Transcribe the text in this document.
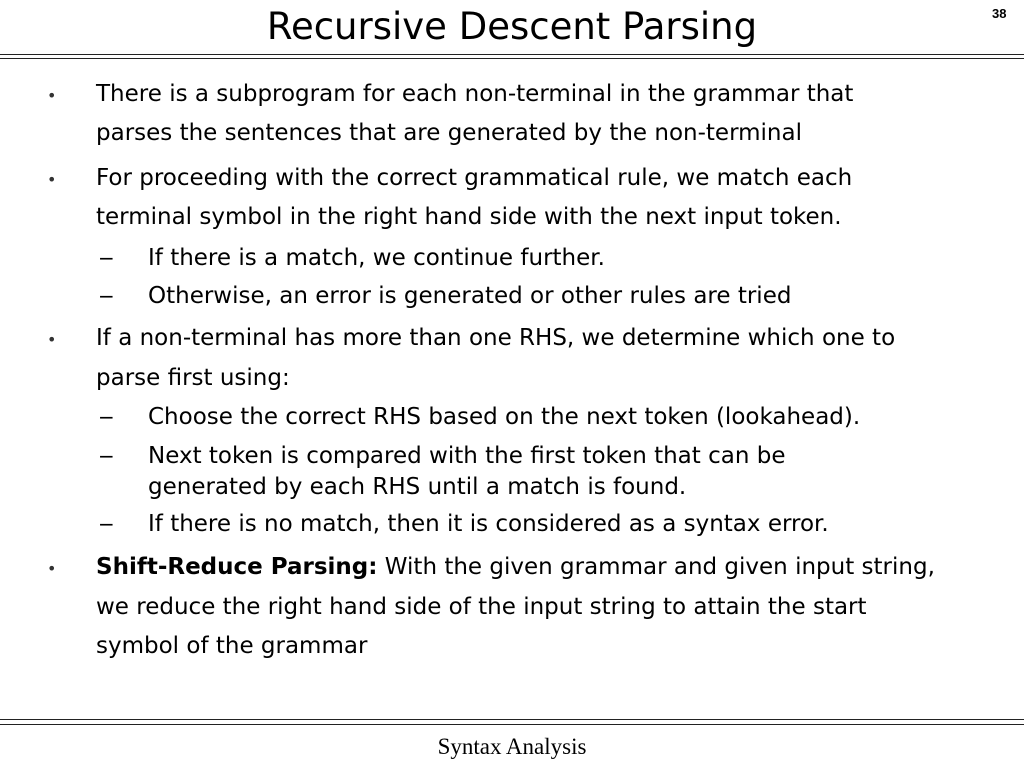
Recursive Descent Parsing	38
• There is a subprogram for each non-terminal in the grammar that
parses the sentences that are generated by the non-terminal
• For proceeding with the correct grammatical rule, we match each
terminal symbol in the right hand side with the next input token.
− If there is a match, we continue further.
− Otherwise, an error is generated or other rules are tried
• If a non-terminal has more than one RHS, we determine which one to
parse first using:
− Choose the correct RHS based on the next token (lookahead).
− Next token is compared with the first token that can be
generated by each RHS until a match is found.
− If there is no match, then it is considered as a syntax error.
• Shift-Reduce Parsing: With the given grammar and given input string,
we reduce the right hand side of the input string to attain the start
symbol of the grammar
Syntax Analysis
